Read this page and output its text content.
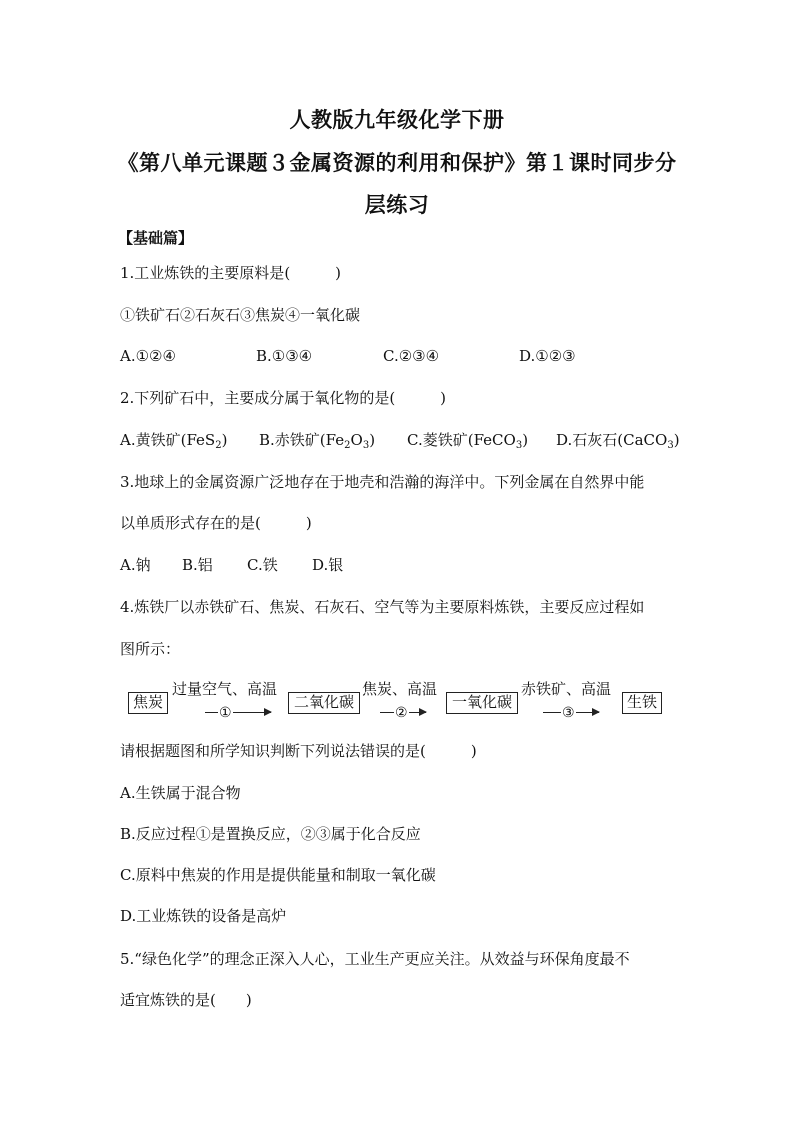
人教版九年级化学下册
《第八单元课题３金属资源的利用和保护》第１课时同步分
层练习
【基础篇】
1.工业炼铁的主要原料是(　　　)
①铁矿石②石灰石③焦炭④一氧化碳
A.①②④	B.①③④	C.②③④	D.①②③
2.下列矿石中，主要成分属于氧化物的是(　　　)
A.黄铁矿(FeS$_2$) B.赤铁矿$(Fe_2O_3)$ C.菱铁矿(FeCO$_3$) D.石灰石(CaCO$_3$)
3.地球上的金属资源广泛地存在于地壳和浩瀚的海洋中。下列金属在自然界中能
以单质形式存在的是(　　　)
A.钠 B.铝 C.铁 D.银
4.炼铁厂以赤铁矿石、焦炭、石灰石、空气等为主要原料炼铁，主要反应过程如
图所示：
焦炭
过量空气、高温
①
二氧化碳
焦炭、高温
②
一氧化碳
赤铁矿、高温
③
生铁
请根据题图和所学知识判断下列说法错误的是(　　　)
A.生铁属于混合物
B.反应过程①是置换反应，②③属于化合反应
C.原料中焦炭的作用是提供能量和制取一氧化碳
D.工业炼铁的设备是高炉
5.“绿色化学”的理念正深入人心，工业生产更应关注。从效益与环保角度最不
适宜炼铁的是(　　)
